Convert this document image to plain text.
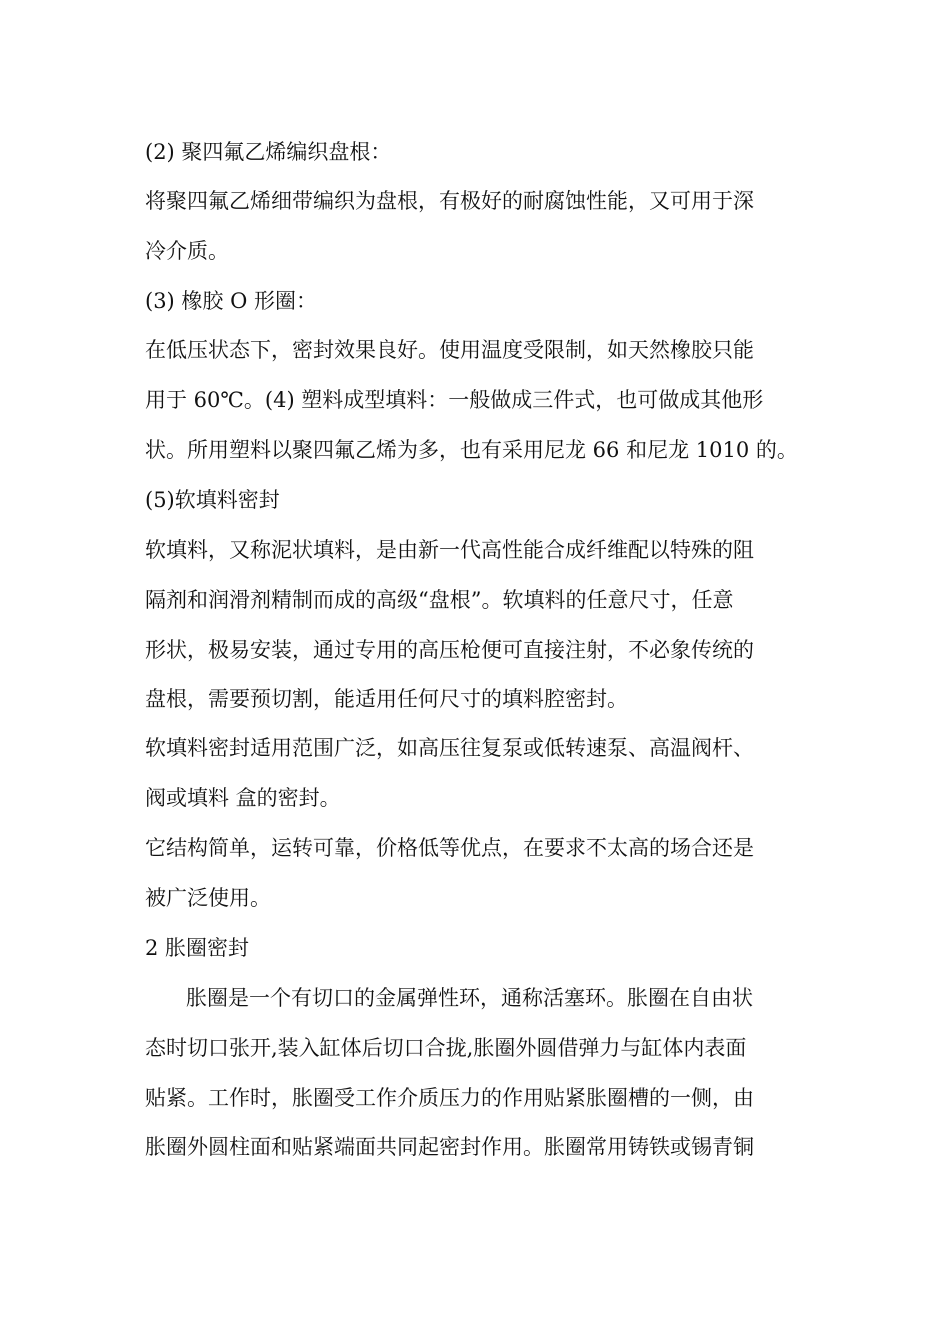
(2) 聚四氟乙烯编织盘根：

将聚四氟乙烯细带编织为盘根，有极好的耐腐蚀性能，又可用于深

冷介质。

(3) 橡胶 O 形圈：

在低压状态下，密封效果良好。使用温度受限制，如天然橡胶只能

用于 60℃。(4) 塑料成型填料：一般做成三件式，也可做成其他形

状。所用塑料以聚四氟乙烯为多，也有采用尼龙 66 和尼龙 1010 的。

(5)软填料密封

软填料，又称泥状填料，是由新一代高性能合成纤维配以特殊的阻

隔剂和润滑剂精制而成的高级“盘根”。软填料的任意尺寸，任意

形状，极易安装，通过专用的高压枪便可直接注射，不必象传统的

盘根，需要预切割，能适用任何尺寸的填料腔密封。

软填料密封适用范围广泛，如高压往复泵或低转速泵、高温阀杆、

阀或填料 盒的密封。

它结构简单，运转可靠，价格低等优点，在要求不太高的场合还是

被广泛使用。

2 胀圈密封

胀圈是一个有切口的金属弹性环，通称活塞环。胀圈在自由状

态时切口张开,装入缸体后切口合拢,胀圈外圆借弹力与缸体内表面

贴紧。工作时，胀圈受工作介质压力的作用贴紧胀圈槽的一侧，由

胀圈外圆柱面和贴紧端面共同起密封作用。胀圈常用铸铁或锡青铜
